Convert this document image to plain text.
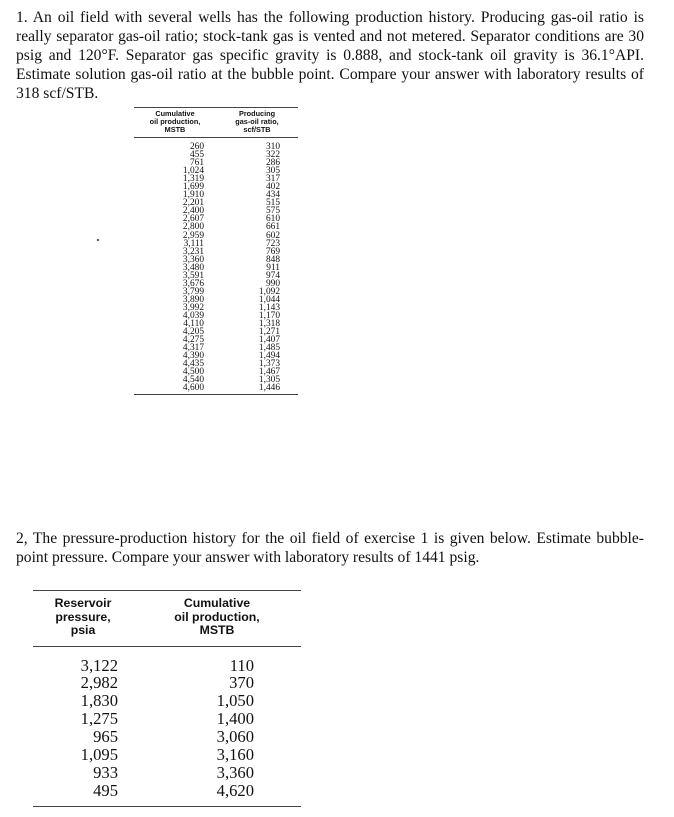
1. An oil field with several wells has the following production history. Producing gas-oil ratio is really separator gas-oil ratio; stock-tank gas is vented and not metered. Separator conditions are 30 psig and 120°F. Separator gas specific gravity is 0.888, and stock-tank oil gravity is 36.1°API. Estimate solution gas-oil ratio at the bubble point. Compare your answer with laboratory results of 318 scf/STB.
Cumulative
oil production,
MSTB
Producing
gas-oil ratio,
scf/STB
260	310
455	322
761	286
1,024	305
1,319	317
1,699	402
1,910	434
2,201	515
2,400	575
2,607	610
2,800	661
2,959	602
3,111	723
3,231	769
3,360	848
3,480	911
3,591	974
3,676	990
3,799	1,092
3,890	1,044
3,992	1,143
4,039	1,170
4,110	1,318
4,205	1,271
4,275	1,407
4,317	1,485
4,390	1,494
4,435	1,373
4,500	1,467
4,540	1,305
4,600	1,446
2, The pressure-production history for the oil field of exercise 1 is given below. Estimate bubble-point pressure. Compare your answer with laboratory results of 1441 psig.
Reservoir
pressure,
psia
Cumulative
oil production,
MSTB
3,122	110
2,982	370
1,830	1,050
1,275	1,400
965	3,060
1,095	3,160
933	3,360
495	4,620
